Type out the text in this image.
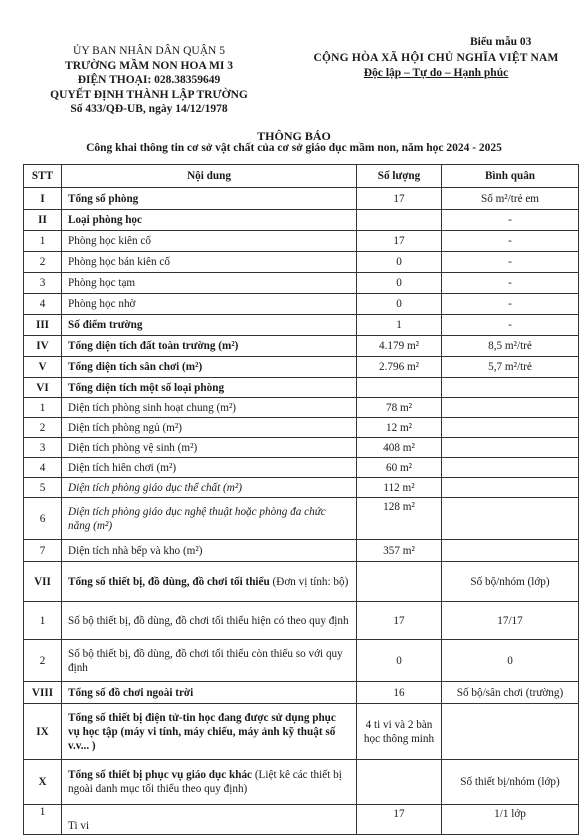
Biểu mẫu 03
ỦY BAN NHÂN DÂN QUẬN 5
TRƯỜNG MẦM NON HOA MI 3
ĐIỆN THOẠI: 028.38359649
QUYẾT ĐỊNH THÀNH LẬP TRƯỜNG
Số 433/QĐ-UB, ngày 14/12/1978
CỘNG HÒA XÃ HỘI CHỦ NGHĨA VIỆT NAM
Độc lập – Tự do – Hạnh phúc
THÔNG BÁO
Công khai thông tin cơ sở vật chất của cơ sở giáo dục mầm non, năm học 2024 - 2025
STT	Nội dung	Số lượng	Bình quân
I	Tổng số phòng	17	Số m²/trẻ em
II	Loại phòng học		-
1	Phòng học kiên cố	17	-
2	Phòng học bán kiên cố	0	-
3	Phòng học tạm	0	-
4	Phòng học nhờ	0	-
III	Số điểm trường	1	-
IV	Tổng diện tích đất toàn trường (m²)	4.179 m²	8,5 m²/trẻ
V	Tổng diện tích sân chơi (m²)	2.796 m²	5,7 m²/trẻ
VI	Tổng diện tích một số loại phòng		
1	Diện tích phòng sinh hoạt chung (m²)	78 m²	
2	Diện tích phòng ngủ (m²)	12 m²	
3	Diện tích phòng vệ sinh (m²)	408 m²	
4	Diện tích hiên chơi (m²)	60 m²	
5	Diện tích phòng giáo dục thể chất (m²)	112 m²	
6	Diện tích phòng giáo dục nghệ thuật hoặc phòng đa chức năng (m²)	128 m²	
7	Diện tích nhà bếp và kho (m²)	357 m²	
VII	Tổng số thiết bị, đồ dùng, đồ chơi tối thiểu (Đơn vị tính: bộ)		Số bộ/nhóm (lớp)
1	Số bộ thiết bị, đồ dùng, đồ chơi tối thiểu hiện có theo quy định	17	17/17
2	Số bộ thiết bị, đồ dùng, đồ chơi tối thiểu còn thiếu so với quy định	0	0
VIII	Tổng số đồ chơi ngoài trời	16	Số bộ/sân chơi (trường)
IX	Tổng số thiết bị điện tử-tin học đang được sử dụng phục vụ học tập (máy vi tính, máy chiếu, máy ảnh kỹ thuật số v.v... )	4 ti vi và 2 bàn học thông minh	
X	Tổng số thiết bị phục vụ giáo dục khác (Liệt kê các thiết bị ngoài danh mục tối thiểu theo quy định)		Số thiết bị/nhóm (lớp)
1	Ti vi	17	1/1 lớp
